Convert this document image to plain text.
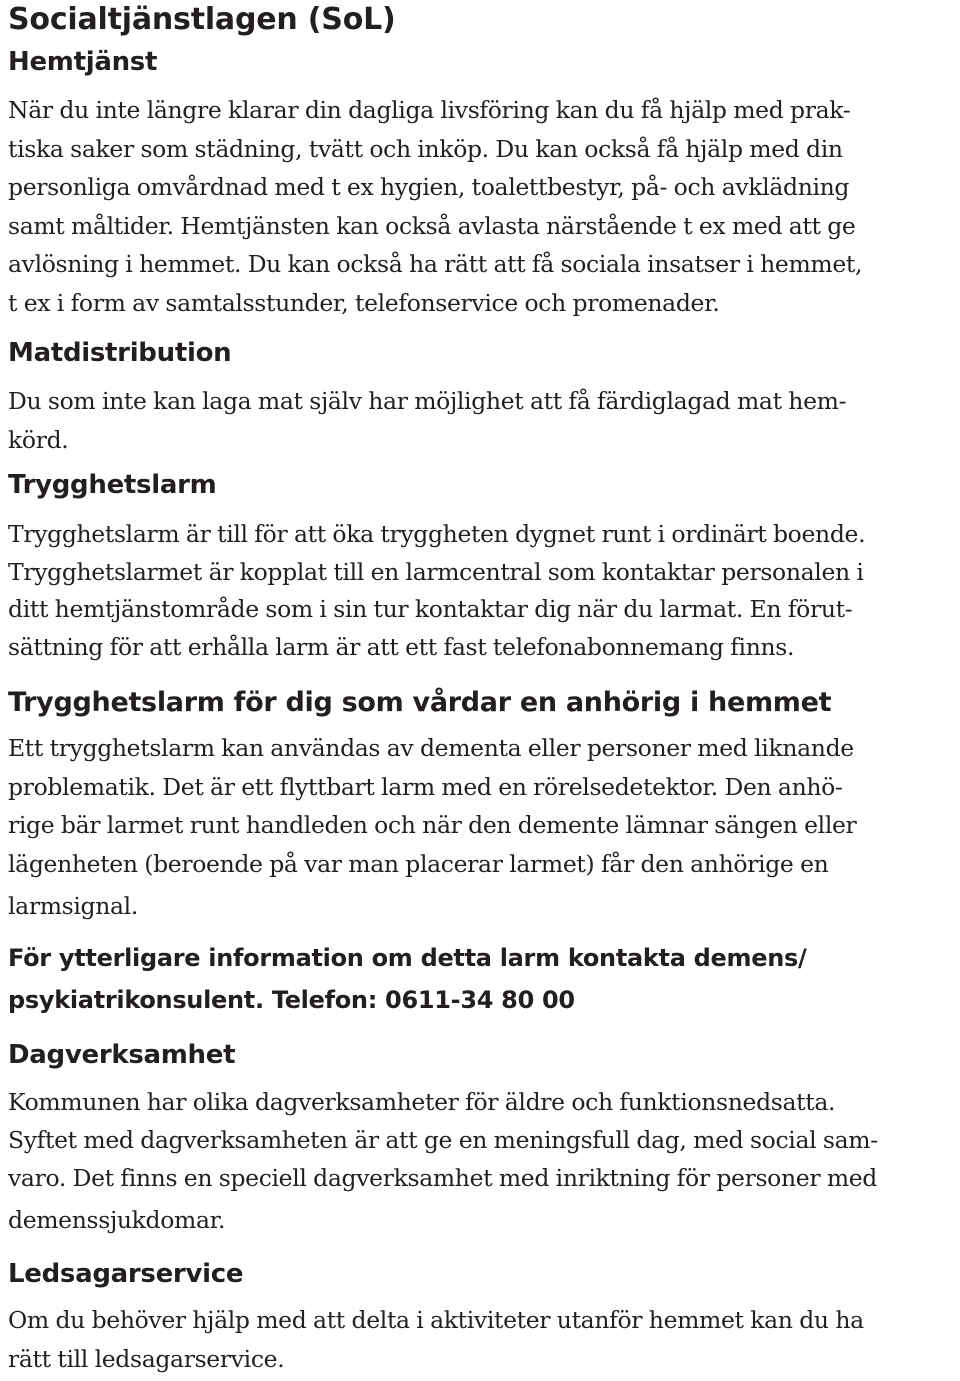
Socialtjänstlagen (SoL)
Hemtjänst

När du inte längre klarar din dagliga livsföring kan du få hjälp med prak-
tiska saker som städning, tvätt och inköp. Du kan också få hjälp med din
personliga omvårdnad med t ex hygien, toalettbestyr, på- och avklädning
samt måltider. Hemtjänsten kan också avlasta närstående t ex med att ge
avlösning i hemmet. Du kan också ha rätt att få sociala insatser i hemmet,
t ex i form av samtalsstunder, telefonservice och promenader.

Matdistribution

Du som inte kan laga mat själv har möjlighet att få färdiglagad mat hem-
körd.

Trygghetslarm

Trygghetslarm är till för att öka tryggheten dygnet runt i ordinärt boende.
Trygghetslarmet är kopplat till en larmcentral som kontaktar personalen i
ditt hemtjänstområde som i sin tur kontaktar dig när du larmat. En förut-
sättning för att erhålla larm är att ett fast telefonabonnemang finns.

Trygghetslarm för dig som vårdar en anhörig i hemmet

Ett trygghetslarm kan användas av dementa eller personer med liknande
problematik. Det är ett flyttbart larm med en rörelsedetektor. Den anhö-
rige bär larmet runt handleden och när den demente lämnar sängen eller
lägenheten (beroende på var man placerar larmet) får den anhörige en
larmsignal.

För ytterligare information om detta larm kontakta demens/
psykiatrikonsulent. Telefon: 0611-34 80 00
Dagverksamhet

Kommunen har olika dagverksamheter för äldre och funktionsnedsatta.
Syftet med dagverksamheten är att ge en meningsfull dag, med social sam-
varo. Det finns en speciell dagverksamhet med inriktning för personer med
demenssjukdomar.

Ledsagarservice

Om du behöver hjälp med att delta i aktiviteter utanför hemmet kan du ha
rätt till ledsagarservice.
